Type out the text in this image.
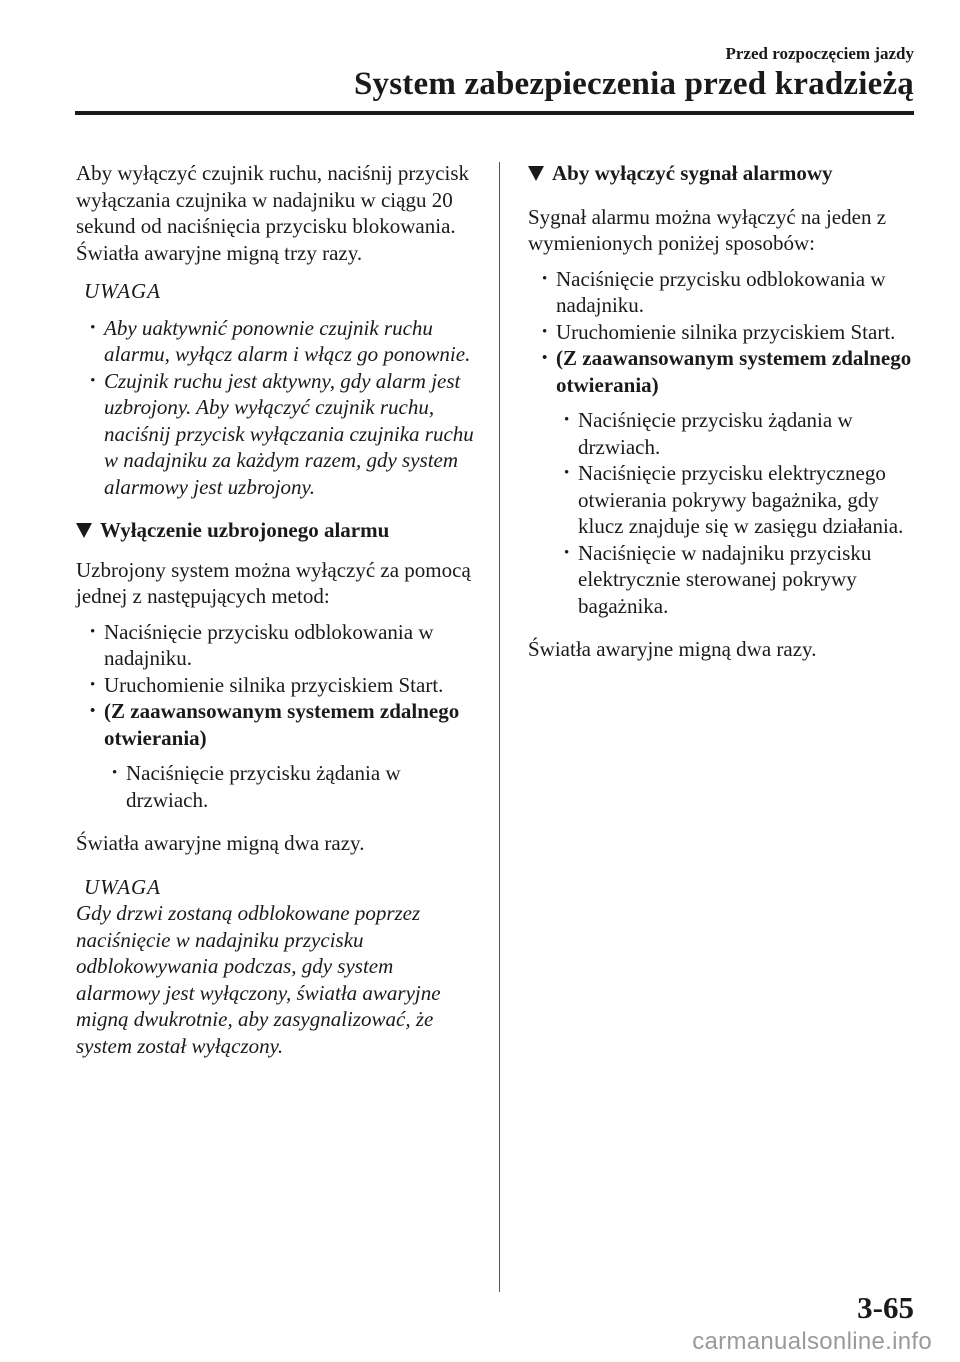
Przed rozpoczęciem jazdy
System zabezpieczenia przed kradzieżą

Aby wyłączyć czujnik ruchu, naciśnij przycisk wyłączania czujnika w nadajniku w ciągu 20 sekund od naciśnięcia przycisku blokowania.

Światła awaryjne migną trzy razy.

UWAGA

• Aby uaktywnić ponownie czujnik ruchu alarmu, wyłącz alarm i włącz go ponownie.
• Czujnik ruchu jest aktywny, gdy alarm jest uzbrojony. Aby wyłączyć czujnik ruchu, naciśnij przycisk wyłączania czujnika ruchu w nadajniku za każdym razem, gdy system alarmowy jest uzbrojony.
Wyłączenie uzbrojonego alarmu

Uzbrojony system można wyłączyć za pomocą jednej z następujących metod:

• Naciśnięcie przycisku odblokowania w nadajniku.
• Uruchomienie silnika przyciskiem Start.
• (Z zaawansowanym systemem zdalnego otwierania)
• Naciśnięcie przycisku żądania w drzwiach.

Światła awaryjne migną dwa razy.

UWAGA

Gdy drzwi zostaną odblokowane poprzez naciśnięcie w nadajniku przycisku odblokowywania podczas, gdy system alarmowy jest wyłączony, światła awaryjne migną dwukrotnie, aby zasygnalizować, że system został wyłączony.

Aby wyłączyć sygnał alarmowy

Sygnał alarmu można wyłączyć na jeden z wymienionych poniżej sposobów:

• Naciśnięcie przycisku odblokowania w nadajniku.
• Uruchomienie silnika przyciskiem Start.
• (Z zaawansowanym systemem zdalnego otwierania)
• Naciśnięcie przycisku żądania w drzwiach.
• Naciśnięcie przycisku elektrycznego otwierania pokrywy bagażnika, gdy klucz znajduje się w zasięgu działania.
• Naciśnięcie w nadajniku przycisku elektrycznie sterowanej pokrywy bagażnika.

Światła awaryjne migną dwa razy.

3-65
carmanualsonline.info
